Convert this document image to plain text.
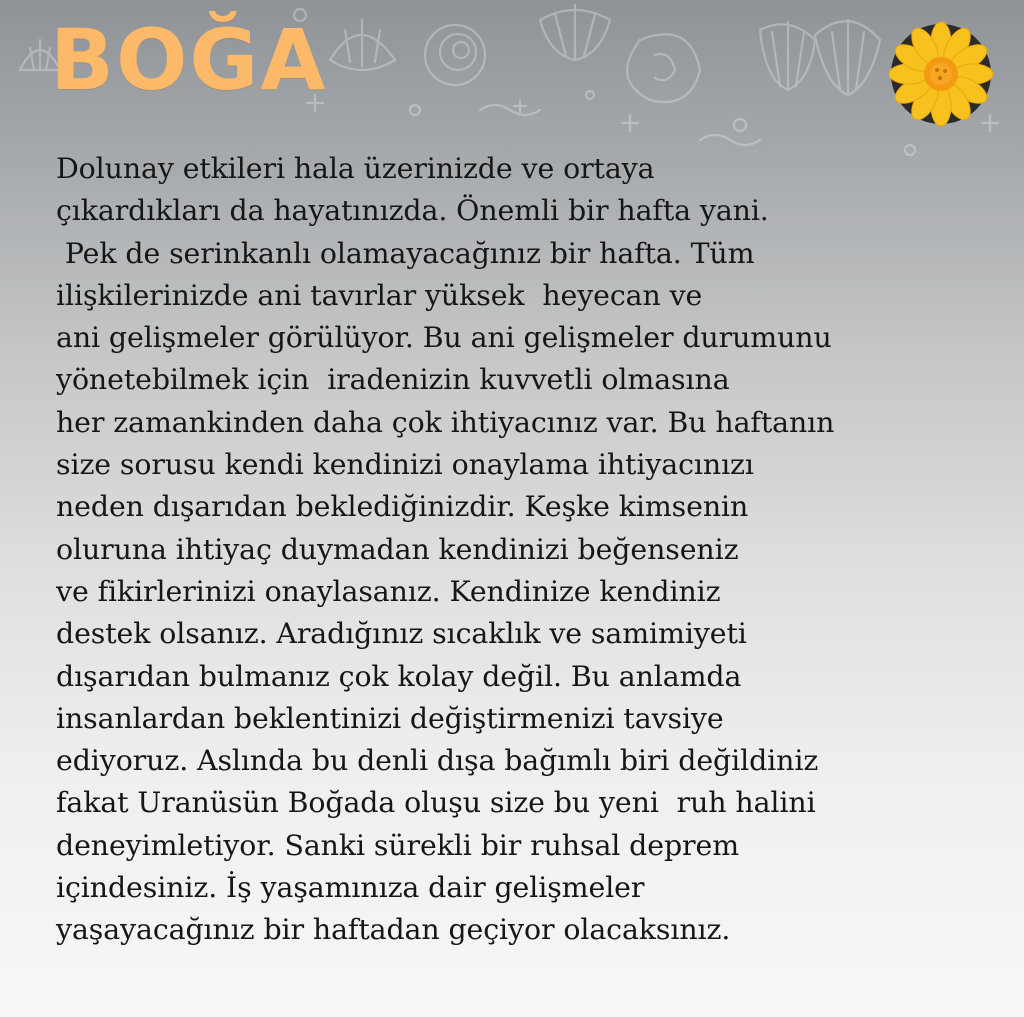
BOĞA
Dolunay etkileri hala üzerinizde ve ortaya
çıkardıkları da hayatınızda. Önemli bir hafta yani.
Pek de serinkanlı olamayacağınız bir hafta. Tüm
ilişkilerinizde ani tavırlar yüksek  heyecan ve
ani gelişmeler görülüyor. Bu ani gelişmeler durumunu
yönetebilmek için  iradenizin kuvvetli olmasına
her zamankinden daha çok ihtiyacınız var. Bu haftanın
size sorusu kendi kendinizi onaylama ihtiyacınızı
neden dışarıdan beklediğinizdir. Keşke kimsenin
oluruna ihtiyaç duymadan kendinizi beğenseniz
ve fikirlerinizi onaylasanız. Kendinize kendiniz
destek olsanız. Aradığınız sıcaklık ve samimiyeti
dışarıdan bulmanız çok kolay değil. Bu anlamda
insanlardan beklentinizi değiştirmenizi tavsiye
ediyoruz. Aslında bu denli dışa bağımlı biri değildiniz
fakat Uranüsün Boğada oluşu size bu yeni  ruh halini
deneyimletiyor. Sanki sürekli bir ruhsal deprem
içindesiniz. İş yaşamınıza dair gelişmeler
yaşayacağınız bir haftadan geçiyor olacaksınız.
